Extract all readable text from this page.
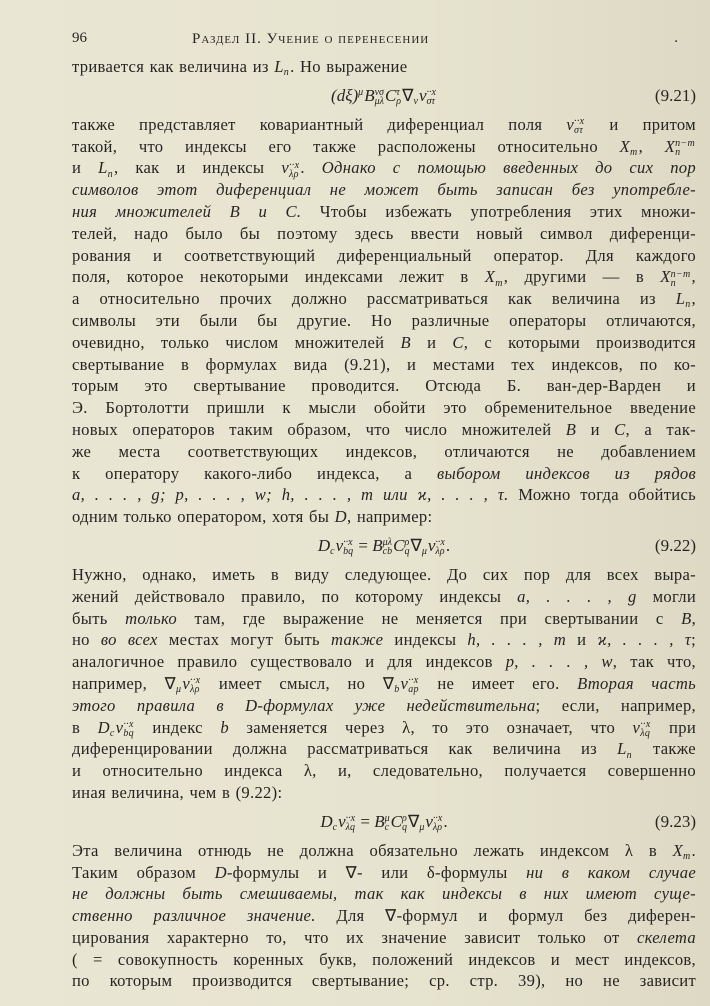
96	Раздел II. Учение о перенесении	.
тривается как величина из L n . Но выражение
(dξ) μ B νσ
μλ C τ
ρ ∇ ν v ··x
στ	(9.21)
также представляет ковариантный диференциал поля v ··x
στ и притом
такой, что индексы его также расположены относительно X m , X n−m
n
и L n , как и индексы v ··x
λρ . Однако с помощью введенных до сих пор
символов этот диференциал не может быть записан без употребле-
ния множителей B и C. Чтобы избежать употребления этих множи-
телей, надо было бы поэтому здесь ввести новый символ диференци-
рования и соответствующий диференциальный оператор. Для каждого
поля, которое некоторыми индексами лежит в X m , другими — в X n−m
n ,
а относительно прочих должно рассматриваться как величина из L n ,
символы эти были бы другие. Но различные операторы отличаются,
очевидно, только числом множителей B и C, с которыми производится
свертывание в формулах вида (9.21), и местами тех индексов, по ко-
торым это свертывание проводится. Отсюда Б. ван-дер-Варден и
Э. Бортолотти пришли к мысли обойти это обременительное введение
новых операторов таким образом, что число множителей B и C, а так-
же места соответствующих индексов, отличаются не добавлением
к оператору какого-либо индекса, а выбором индексов из рядов
a, . . . , g; p, . . . , w; h, . . . , m или ϰ, . . . , τ. Можно тогда обойтись
одним только оператором, хотя бы D, например:
D c v ··x
bq = B μλ
cb C ρ
q ∇ μ v ··x
λρ .	(9.22)
Нужно, однако, иметь в виду следующее. До сих пор для всех выра-
жений действовало правило, по которому индексы a, . . . , g могли
быть только там, где выражение не меняется при свертывании с B,
но во всех местах могут быть также индексы h, . . . , m и ϰ, . . . , τ;
аналогичное правило существовало и для индексов p, . . . , w, так что,
например, ∇ μ v ··x
λρ имеет смысл, но ∇ b v ··x
ap не имеет его. Вторая часть
этого правила в D-формулах уже недействительна; если, например,
в D c v ··x
bq индекс b заменяется через λ, то это означает, что v ··x
λq при
диференцировании должна рассматриваться как величина из L n также
и относительно индекса λ, и, следовательно, получается совершенно
иная величина, чем в (9.22):
D c v ··x
λq = B μ
c C ρ
q ∇ μ v ··x
λρ .	(9.23)
Эта величина отнюдь не должна обязательно лежать индексом λ в X m .
Таким образом D-формулы и ∇- или δ-формулы ни в каком случае
не должны быть смешиваемы, так как индексы в них имеют суще-
ственно различное значение. Для ∇-формул и формул без диферен-
цирования характерно то, что их значение зависит только от скелета
( = совокупность коренных букв, положений индексов и мест индексов,
по которым производится свертывание; ср. стр. 39), но не зависит
